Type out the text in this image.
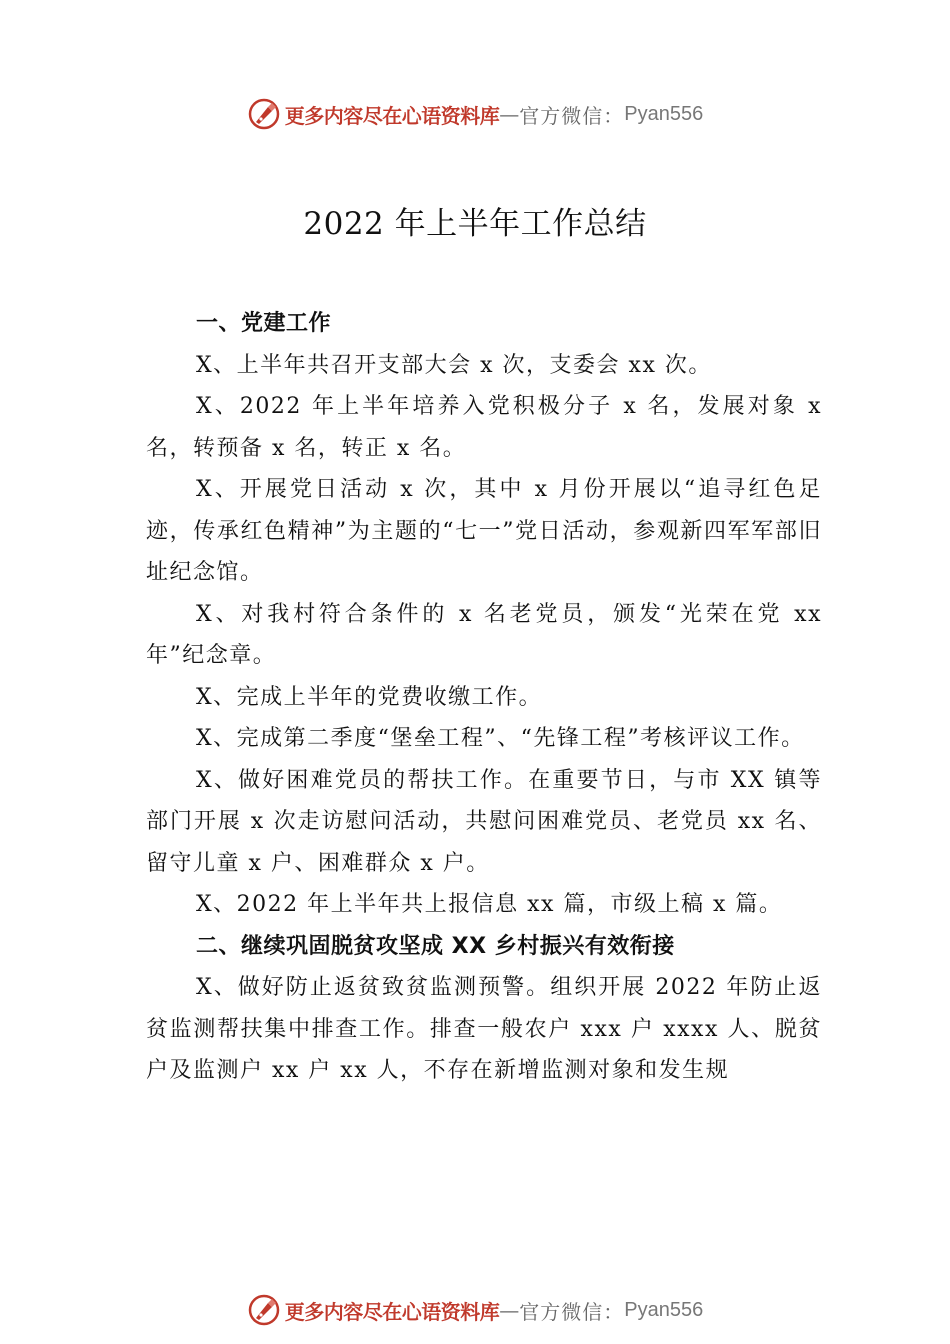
更多内容尽在心语资料库 — 官方微信： Pyan556
2022 年上半年工作总结
一、党建工作

X、上半年共召开支部大会 x 次，支委会 xx 次。

X、2022 年上半年培养入党积极分子 x 名，发展对象 x 名，转预备 x 名，转正 x 名。

X、开展党日活动 x 次，其中 x 月份开展以“追寻红色足迹，传承红色精神”为主题的“七一”党日活动，参观新四军军部旧址纪念馆。

X、对我村符合条件的 x 名老党员，颁发“光荣在党 xx 年”纪念章。

X、完成上半年的党费收缴工作。

X、完成第二季度“堡垒工程”、“先锋工程”考核评议工作。

X、做好困难党员的帮扶工作。在重要节日，与市 XX 镇等部门开展 x 次走访慰问活动，共慰问困难党员、老党员 xx 名、留守儿童 x 户、困难群众 x 户。

X、2022 年上半年共上报信息 xx 篇，市级上稿 x 篇。

二、继续巩固脱贫攻坚成 XX 乡村振兴有效衔接

X、做好防止返贫致贫监测预警。组织开展 2022 年防止返贫监测帮扶集中排查工作。排查一般农户 xxx 户 xxxx 人、脱贫户及监测户 xx 户 xx 人，不存在新增监测对象和发生规

更多内容尽在心语资料库 — 官方微信： Pyan556
